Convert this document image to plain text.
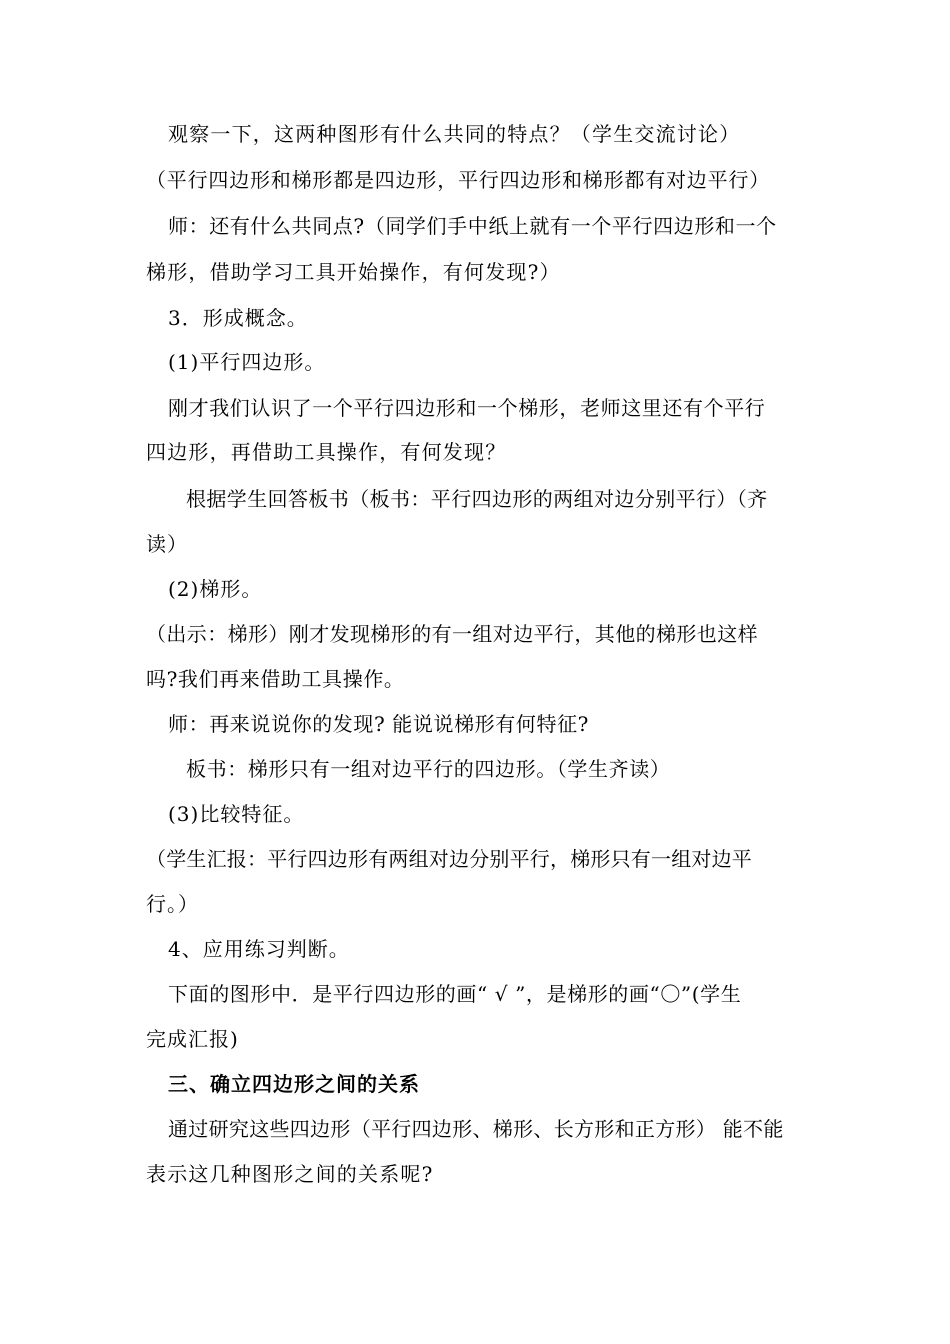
观察一下，这两种图形有什么共同的特点？（学生交流讨论）
（平行四边形和梯形都是四边形，平行四边形和梯形都有对边平行）
师：还有什么共同点?（同学们手中纸上就有一个平行四边形和一个
梯形，借助学习工具开始操作，有何发现?）
3．形成概念。
(1)平行四边形。
刚才我们认识了一个平行四边形和一个梯形，老师这里还有个平行
四边形，再借助工具操作，有何发现？
根据学生回答板书（板书：平行四边形的两组对边分别平行）（齐
读）
(2)梯形。
（出示：梯形）刚才发现梯形的有一组对边平行，其他的梯形也这样
吗?我们再来借助工具操作。
师：再来说说你的发现? 能说说梯形有何特征?
板书：梯形只有一组对边平行的四边形。（学生齐读）
(3)比较特征。
（学生汇报：平行四边形有两组对边分别平行，梯形只有一组对边平
行。）
4、应用练习判断。
下面的图形中．是平行四边形的画“ √ ”，是梯形的画“〇”(学生
完成汇报)
三、确立四边形之间的关系
通过研究这些四边形（平行四边形、梯形、长方形和正方形） 能不能
表示这几种图形之间的关系呢?
